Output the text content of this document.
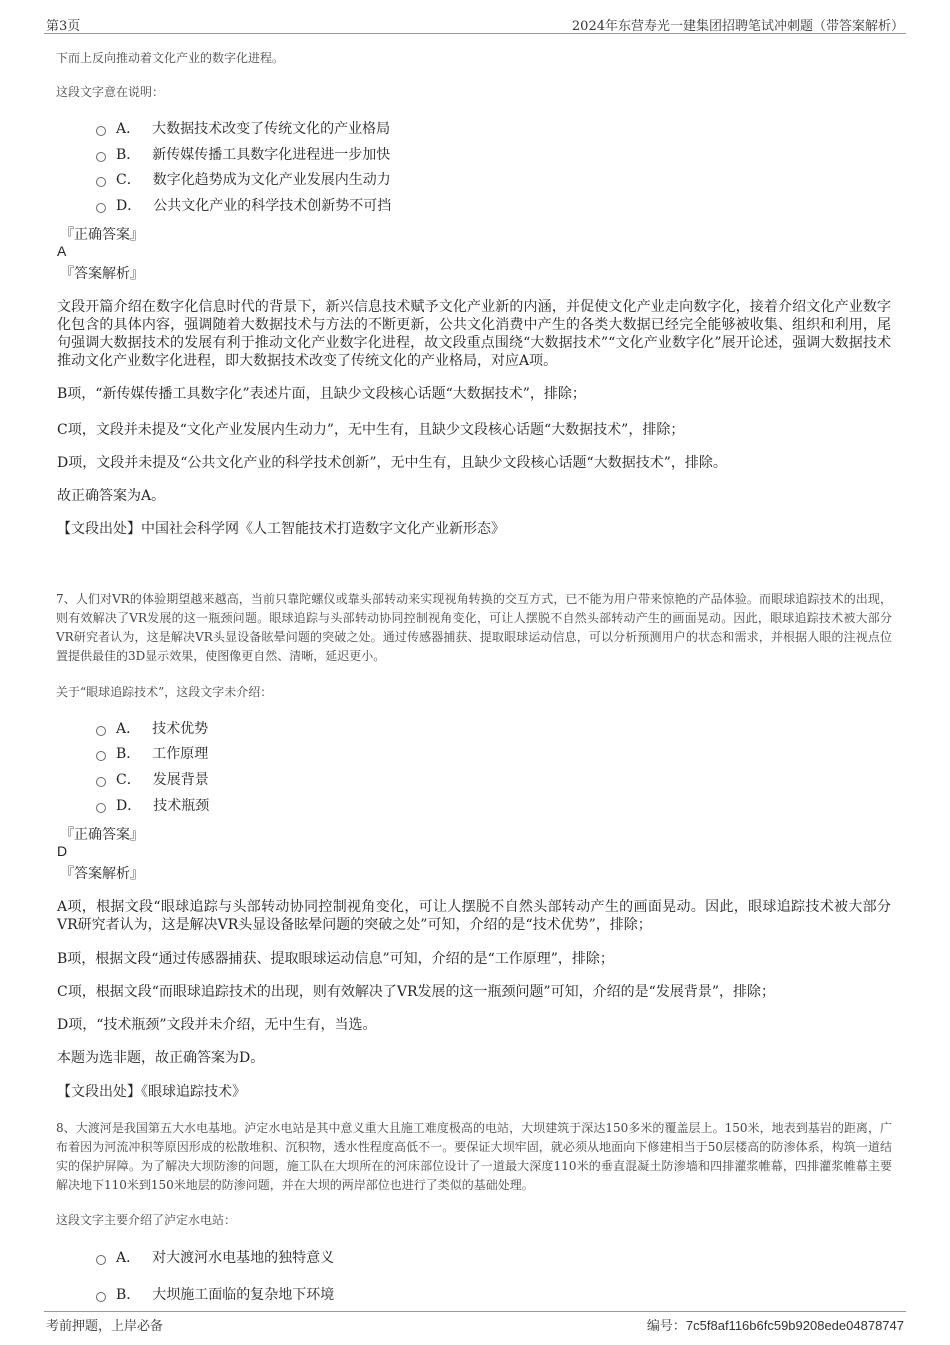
第3页	2024年东营寿光一建集团招聘笔试冲刺题（带答案解析）
下而上反向推动着文化产业的数字化进程。
这段文字意在说明：
A． 大数据技术改变了传统文化的产业格局
B． 新传媒传播工具数字化进程进一步加快
C． 数字化趋势成为文化产业发展内生动力
D． 公共文化产业的科学技术创新势不可挡
『正确答案』
A
『答案解析』
文段开篇介绍在数字化信息时代的背景下，新兴信息技术赋予文化产业新的内涵，并促使文化产业走向数字化，接着介绍文化产业数字化包含的具体内容，强调随着大数据技术与方法的不断更新，公共文化消费中产生的各类大数据已经完全能够被收集、组织和利用，尾句强调大数据技术的发展有利于推动文化产业数字化进程，故文段重点围绕“大数据技术”“文化产业数字化”展开论述，强调大数据技术推动文化产业数字化进程，即大数据技术改变了传统文化的产业格局，对应A项。
B项，“新传媒传播工具数字化”表述片面，且缺少文段核心话题“大数据技术”，排除；
C项，文段并未提及“文化产业发展内生动力”，无中生有，且缺少文段核心话题“大数据技术”，排除；
D项，文段并未提及“公共文化产业的科学技术创新”，无中生有，且缺少文段核心话题“大数据技术”，排除。
故正确答案为A。
【文段出处】中国社会科学网《人工智能技术打造数字文化产业新形态》
7、人们对VR的体验期望越来越高，当前只靠陀螺仪或靠头部转动来实现视角转换的交互方式，已不能为用户带来惊艳的产品体验。而眼球追踪技术的出现，则有效解决了VR发展的这一瓶颈问题。眼球追踪与头部转动协同控制视角变化，可让人摆脱不自然头部转动产生的画面晃动。因此，眼球追踪技术被大部分VR研究者认为，这是解决VR头显设备眩晕问题的突破之处。通过传感器捕获、提取眼球运动信息，可以分析预测用户的状态和需求，并根据人眼的注视点位置提供最佳的3D显示效果，使图像更自然、清晰，延迟更小。
关于“眼球追踪技术”，这段文字未介绍：
A． 技术优势
B． 工作原理
C． 发展背景
D． 技术瓶颈
『正确答案』
D
『答案解析』
A项，根据文段“眼球追踪与头部转动协同控制视角变化，可让人摆脱不自然头部转动产生的画面晃动。因此，眼球追踪技术被大部分VR研究者认为，这是解决VR头显设备眩晕问题的突破之处”可知，介绍的是“技术优势”，排除；
B项，根据文段“通过传感器捕获、提取眼球运动信息”可知，介绍的是“工作原理”，排除；
C项，根据文段“而眼球追踪技术的出现，则有效解决了VR发展的这一瓶颈问题”可知，介绍的是“发展背景”，排除；
D项，“技术瓶颈”文段并未介绍，无中生有，当选。
本题为选非题，故正确答案为D。
【文段出处】《眼球追踪技术》
8、大渡河是我国第五大水电基地。泸定水电站是其中意义重大且施工难度极高的电站，大坝建筑于深达150多米的覆盖层上。150米，地表到基岩的距离，广布着因为河流冲积等原因形成的松散堆积、沉积物，透水性程度高低不一。要保证大坝牢固，就必须从地面向下修建相当于50层楼高的防渗体系，构筑一道结实的保护屏障。为了解决大坝防渗的问题，施工队在大坝所在的河床部位设计了一道最大深度110米的垂直混凝土防渗墙和四排灌浆帷幕，四排灌浆帷幕主要解决地下110米到150米地层的防渗问题，并在大坝的两岸部位也进行了类似的基础处理。
这段文字主要介绍了泸定水电站：
A． 对大渡河水电基地的独特意义
B． 大坝施工面临的复杂地下环境
考前押题，上岸必备	编号：7c5f8af116b6fc59b9208ede04878747
